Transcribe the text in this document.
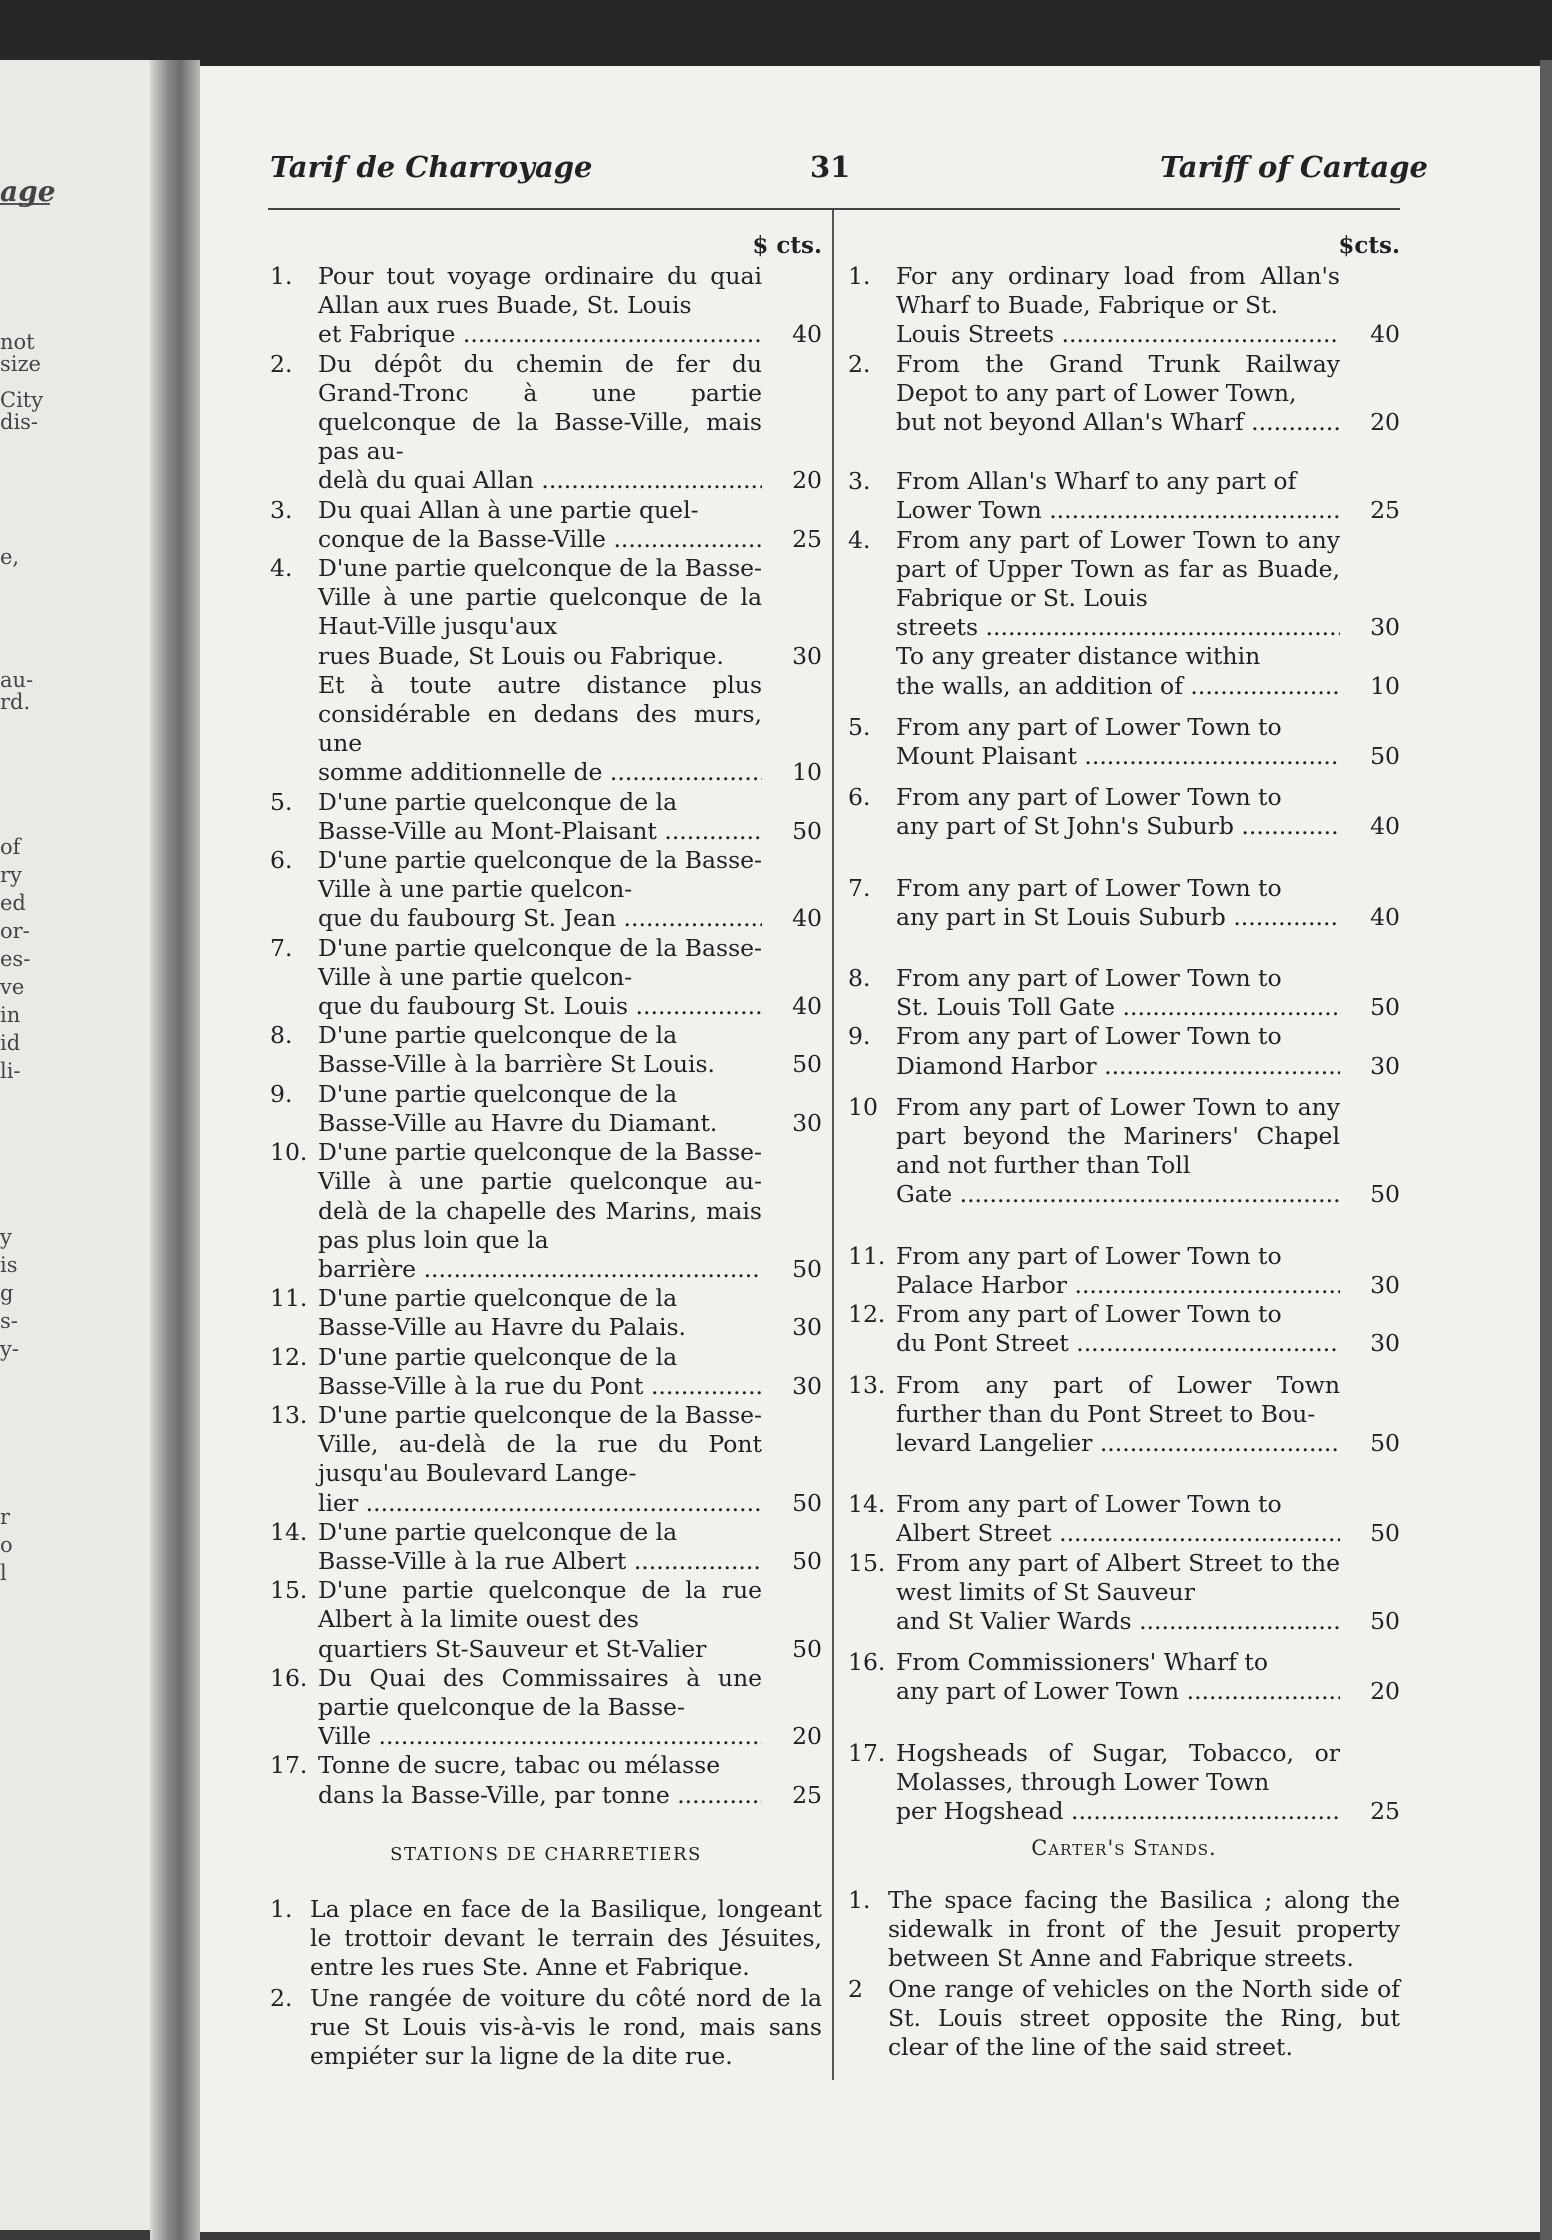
age
not
size
City
dis-
e,
au-
rd.
of
ry
ed
or-
es-
ve
in
id
li-
y
is
g
s-
y-
r
o
l
Tarif de Charroyage	31	Tariff of Cartage
$ cts.
1.	Pour tout voyage ordinaire du quai Allan aux rues Buade, St. Louis
et Fabrique .....	40
2.	Du dépôt du chemin de fer du Grand-Tronc à une partie quelconque de la Basse-Ville, mais pas au-
delà du quai Allan .....	20
3.	Du quai Allan à une partie quel-
conque de la Basse-Ville .....	25
4.	D'une partie quelconque de la Basse-Ville à une partie quelconque de la Haut-Ville jusqu'aux
rues Buade, St Louis ou Fabrique.	30
Et à toute autre distance plus considérable en dedans des murs, une
somme additionnelle de .....	10
5.	D'une partie quelconque de la
Basse-Ville au Mont-Plaisant .....	50
6.	D'une partie quelconque de la Basse-Ville à une partie quelcon-
que du faubourg St. Jean .....	40
7.	D'une partie quelconque de la Basse-Ville à une partie quelcon-
que du faubourg St. Louis .....	40
8.	D'une partie quelconque de la
Basse-Ville à la barrière St Louis.	50
9.	D'une partie quelconque de la
Basse-Ville au Havre du Diamant.	30
10. D'une partie quelconque de la Basse-Ville à une partie quelconque au-delà de la chapelle des Marins, mais pas plus loin que la
barrière .....	50
11. D'une partie quelconque de la
Basse-Ville au Havre du Palais.	30
12. D'une partie quelconque de la
Basse-Ville à la rue du Pont .....	30
13. D'une partie quelconque de la Basse-Ville, au-delà de la rue du Pont jusqu'au Boulevard Lange-
lier .....	50
14. D'une partie quelconque de la
Basse-Ville à la rue Albert .....	50
15. D'une partie quelconque de la rue Albert à la limite ouest des
quartiers St-Sauveur et St-Valier	50
16. Du Quai des Commissaires à une partie quelconque de la Basse-
Ville .....	20
17. Tonne de sucre, tabac ou mélasse
dans la Basse-Ville, par tonne .....	25
STATIONS DE CHARRETIERS
1. La place en face de la Basilique, longeant le trottoir devant le terrain des Jésuites, entre les rues Ste. Anne et Fabrique.
2. Une rangée de voiture du côté nord de la rue St Louis vis-à-vis le rond, mais sans empiéter sur la ligne de la dite rue.
$cts.
1.	For any ordinary load from Allan's Wharf to Buade, Fabrique or St.
Louis Streets .....	40
2.	From the Grand Trunk Railway Depot to any part of Lower Town,
but not beyond Allan's Wharf .....	20
3.	From Allan's Wharf to any part of
Lower Town .....	25
4.	From any part of Lower Town to any part of Upper Town as far as Buade, Fabrique or St. Louis
streets .....	30
To any greater distance within
the walls, an addition of .....	10
5.	From any part of Lower Town to
Mount Plaisant .....	50
6.	From any part of Lower Town to
any part of St John's Suburb .....	40
7.	From any part of Lower Town to
any part in St Louis Suburb .....	40
8.	From any part of Lower Town to
St. Louis Toll Gate .....	50
9.	From any part of Lower Town to
Diamond Harbor .....	30
10 From any part of Lower Town to any part beyond the Mariners' Chapel and not further than Toll
Gate .....	50
11. From any part of Lower Town to
Palace Harbor .....	30
12. From any part of Lower Town to
du Pont Street .....	30
13. From any part of Lower Town further than du Pont Street to Bou-
levard Langelier .....	50
14. From any part of Lower Town to
Albert Street .....	50
15. From any part of Albert Street to the west limits of St Sauveur
and St Valier Wards .....	50
16. From Commissioners' Wharf to
any part of Lower Town .....	20
17. Hogsheads of Sugar, Tobacco, or Molasses, through Lower Town
per Hogshead .....	25
Carter's Stands.
1. The space facing the Basilica ; along the sidewalk in front of the Jesuit property between St Anne and Fabrique streets.
2	One range of vehicles on the North side of St. Louis street opposite the Ring, but clear of the line of the said street.
